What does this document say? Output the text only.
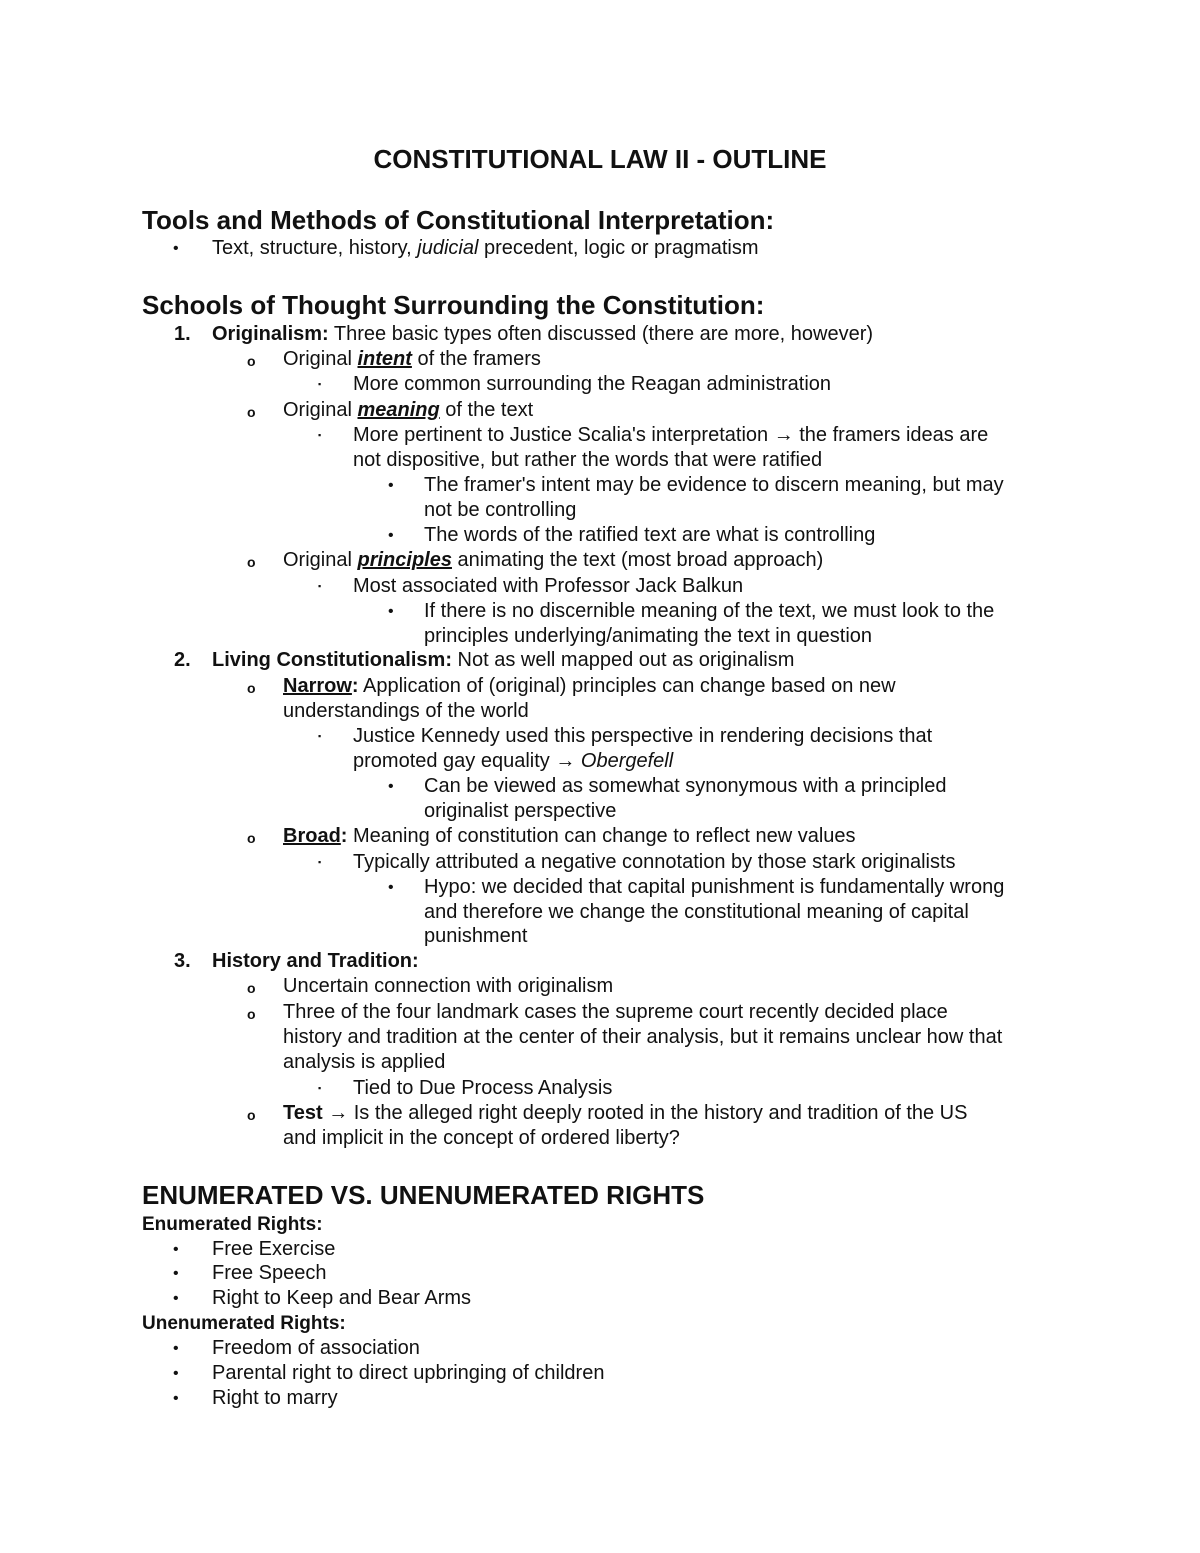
CONSTITUTIONAL LAW II - OUTLINE
Tools and Methods of Constitutional Interpretation:
• Text, structure, history, judicial precedent, logic or pragmatism
Schools of Thought Surrounding the Constitution:
1. Originalism: Three basic types often discussed (there are more, however)
o Original intent of the framers
▪ More common surrounding the Reagan administration
o Original meaning of the text
▪ More pertinent to Justice Scalia's interpretation → the framers ideas are
not dispositive, but rather the words that were ratified
• The framer's intent may be evidence to discern meaning, but may
not be controlling
• The words of the ratified text are what is controlling
o Original principles animating the text (most broad approach)
▪ Most associated with Professor Jack Balkun
• If there is no discernible meaning of the text, we must look to the
principles underlying/animating the text in question
2. Living Constitutionalism: Not as well mapped out as originalism
o Narrow: Application of (original) principles can change based on new
understandings of the world
▪ Justice Kennedy used this perspective in rendering decisions that
promoted gay equality → Obergefell
• Can be viewed as somewhat synonymous with a principled
originalist perspective
o Broad: Meaning of constitution can change to reflect new values
▪ Typically attributed a negative connotation by those stark originalists
• Hypo: we decided that capital punishment is fundamentally wrong
and therefore we change the constitutional meaning of capital
punishment
3. History and Tradition:
o Uncertain connection with originalism
o Three of the four landmark cases the supreme court recently decided place
history and tradition at the center of their analysis, but it remains unclear how that
analysis is applied
▪ Tied to Due Process Analysis
o Test → Is the alleged right deeply rooted in the history and tradition of the US
and implicit in the concept of ordered liberty?
ENUMERATED VS. UNENUMERATED RIGHTS
Enumerated Rights:
• Free Exercise
• Free Speech
• Right to Keep and Bear Arms
Unenumerated Rights:
• Freedom of association
• Parental right to direct upbringing of children
• Right to marry
